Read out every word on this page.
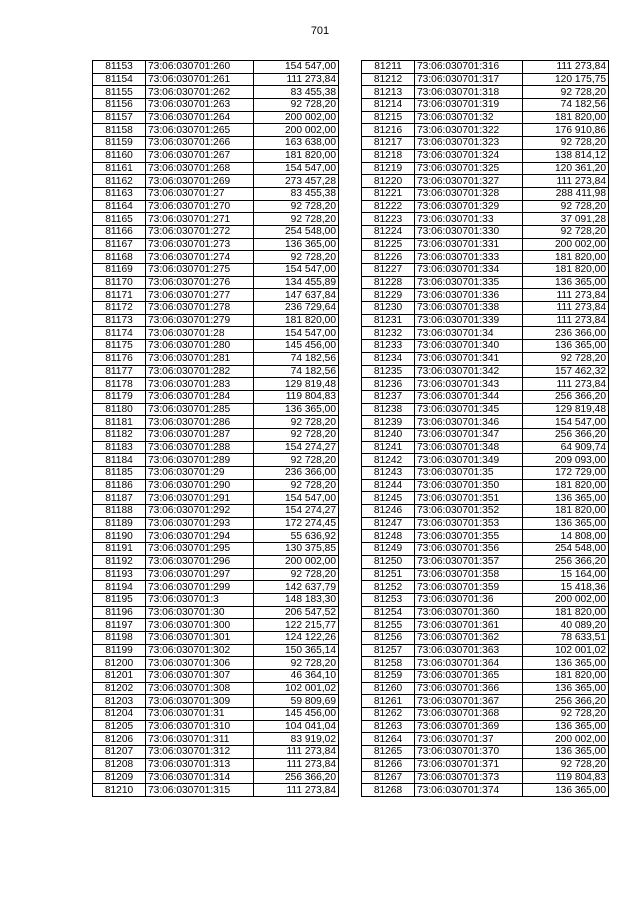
701
81153	73:06:030701:260	154 547,00
81154	73:06:030701:261	111 273,84
81155	73:06:030701:262	83 455,38
81156	73:06:030701:263	92 728,20
81157	73:06:030701:264	200 002,00
81158	73:06:030701:265	200 002,00
81159	73:06:030701:266	163 638,00
81160	73:06:030701:267	181 820,00
81161	73:06:030701:268	154 547,00
81162	73:06:030701:269	273 457,28
81163	73:06:030701:27	83 455,38
81164	73:06:030701:270	92 728,20
81165	73:06:030701:271	92 728,20
81166	73:06:030701:272	254 548,00
81167	73:06:030701:273	136 365,00
81168	73:06:030701:274	92 728,20
81169	73:06:030701:275	154 547,00
81170	73:06:030701:276	134 455,89
81171	73:06:030701:277	147 637,84
81172	73:06:030701:278	236 729,64
81173	73:06:030701:279	181 820,00
81174	73:06:030701:28	154 547,00
81175	73:06:030701:280	145 456,00
81176	73:06:030701:281	74 182,56
81177	73:06:030701:282	74 182,56
81178	73:06:030701:283	129 819,48
81179	73:06:030701:284	119 804,83
81180	73:06:030701:285	136 365,00
81181	73:06:030701:286	92 728,20
81182	73:06:030701:287	92 728,20
81183	73:06:030701:288	154 274,27
81184	73:06:030701:289	92 728,20
81185	73:06:030701:29	236 366,00
81186	73:06:030701:290	92 728,20
81187	73:06:030701:291	154 547,00
81188	73:06:030701:292	154 274,27
81189	73:06:030701:293	172 274,45
81190	73:06:030701:294	55 636,92
81191	73:06:030701:295	130 375,85
81192	73:06:030701:296	200 002,00
81193	73:06:030701:297	92 728,20
81194	73:06:030701:299	142 637,79
81195	73:06:030701:3	148 183,30
81196	73:06:030701:30	206 547,52
81197	73:06:030701:300	122 215,77
81198	73:06:030701:301	124 122,26
81199	73:06:030701:302	150 365,14
81200	73:06:030701:306	92 728,20
81201	73:06:030701:307	46 364,10
81202	73:06:030701:308	102 001,02
81203	73:06:030701:309	59 809,69
81204	73:06:030701:31	145 456,00
81205	73:06:030701:310	104 041,04
81206	73:06:030701:311	83 919,02
81207	73:06:030701:312	111 273,84
81208	73:06:030701:313	111 273,84
81209	73:06:030701:314	256 366,20
81210	73:06:030701:315	111 273,84
81211	73:06:030701:316	111 273,84
81212	73:06:030701:317	120 175,75
81213	73:06:030701:318	92 728,20
81214	73:06:030701:319	74 182,56
81215	73:06:030701:32	181 820,00
81216	73:06:030701:322	176 910,86
81217	73:06:030701:323	92 728,20
81218	73:06:030701:324	138 814,12
81219	73:06:030701:325	120 361,20
81220	73:06:030701:327	111 273,84
81221	73:06:030701:328	288 411,98
81222	73:06:030701:329	92 728,20
81223	73:06:030701:33	37 091,28
81224	73:06:030701:330	92 728,20
81225	73:06:030701:331	200 002,00
81226	73:06:030701:333	181 820,00
81227	73:06:030701:334	181 820,00
81228	73:06:030701:335	136 365,00
81229	73:06:030701:336	111 273,84
81230	73:06:030701:338	111 273,84
81231	73:06:030701:339	111 273,84
81232	73:06:030701:34	236 366,00
81233	73:06:030701:340	136 365,00
81234	73:06:030701:341	92 728,20
81235	73:06:030701:342	157 462,32
81236	73:06:030701:343	111 273,84
81237	73:06:030701:344	256 366,20
81238	73:06:030701:345	129 819,48
81239	73:06:030701:346	154 547,00
81240	73:06:030701:347	256 366,20
81241	73:06:030701:348	64 909,74
81242	73:06:030701:349	209 093,00
81243	73:06:030701:35	172 729,00
81244	73:06:030701:350	181 820,00
81245	73:06:030701:351	136 365,00
81246	73:06:030701:352	181 820,00
81247	73:06:030701:353	136 365,00
81248	73:06:030701:355	14 808,00
81249	73:06:030701:356	254 548,00
81250	73:06:030701:357	256 366,20
81251	73:06:030701:358	15 164,00
81252	73:06:030701:359	15 418,36
81253	73:06:030701:36	200 002,00
81254	73:06:030701:360	181 820,00
81255	73:06:030701:361	40 089,20
81256	73:06:030701:362	78 633,51
81257	73:06:030701:363	102 001,02
81258	73:06:030701:364	136 365,00
81259	73:06:030701:365	181 820,00
81260	73:06:030701:366	136 365,00
81261	73:06:030701:367	256 366,20
81262	73:06:030701:368	92 728,20
81263	73:06:030701:369	136 365,00
81264	73:06:030701:37	200 002,00
81265	73:06:030701:370	136 365,00
81266	73:06:030701:371	92 728,20
81267	73:06:030701:373	119 804,83
81268	73:06:030701:374	136 365,00
